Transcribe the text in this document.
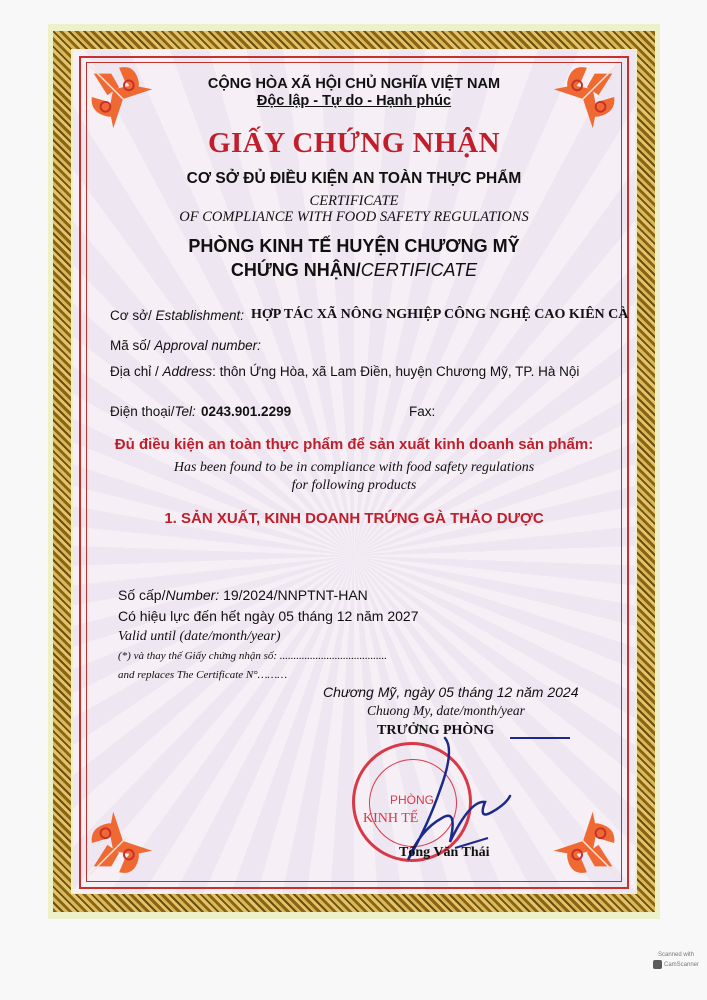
CỘNG HÒA XÃ HỘI CHỦ NGHĨA VIỆT NAM
Độc lập - Tự do - Hạnh phúc
GIẤY CHỨNG NHẬN
CƠ SỞ ĐỦ ĐIỀU KIỆN AN TOÀN THỰC PHẨM
CERTIFICATE
OF COMPLIANCE WITH FOOD SAFETY REGULATIONS
PHÒNG KINH TẾ HUYỆN CHƯƠNG MỸ
CHỨNG NHẬN/CERTIFICATE
Cơ sở/ Establishment: HỢP TÁC XÃ NÔNG NGHIỆP CÔNG NGHỆ CAO KIÊN CÀ
Mã số/ Approval number:
Địa chỉ / Address: thôn Ứng Hòa, xã Lam Điền, huyện Chương Mỹ, TP. Hà Nội
Điện thoại/Tel: 0243.901.2299	Fax:
Đủ điều kiện an toàn thực phẩm để sản xuất kinh doanh sản phẩm:
Has been found to be in compliance with food safety regulations
for following products
1. SẢN XUẤT, KINH DOANH TRỨNG GÀ THẢO DƯỢC
Số cấp/Number: 19/2024/NNPTNT-HAN
Có hiệu lực đến hết ngày 05 tháng 12 năm 2027
Valid until (date/month/year)
(*) và thay thế Giấy chứng nhận số: .......................................
and replaces The Certificate N°………
Chương Mỹ, ngày 05 tháng 12 năm 2024
Chuong My, date/month/year
TRƯỞNG PHÒNG
PHÒNG
KINH TẾ
Tống Văn Thái
Scanned with
CamScanner
